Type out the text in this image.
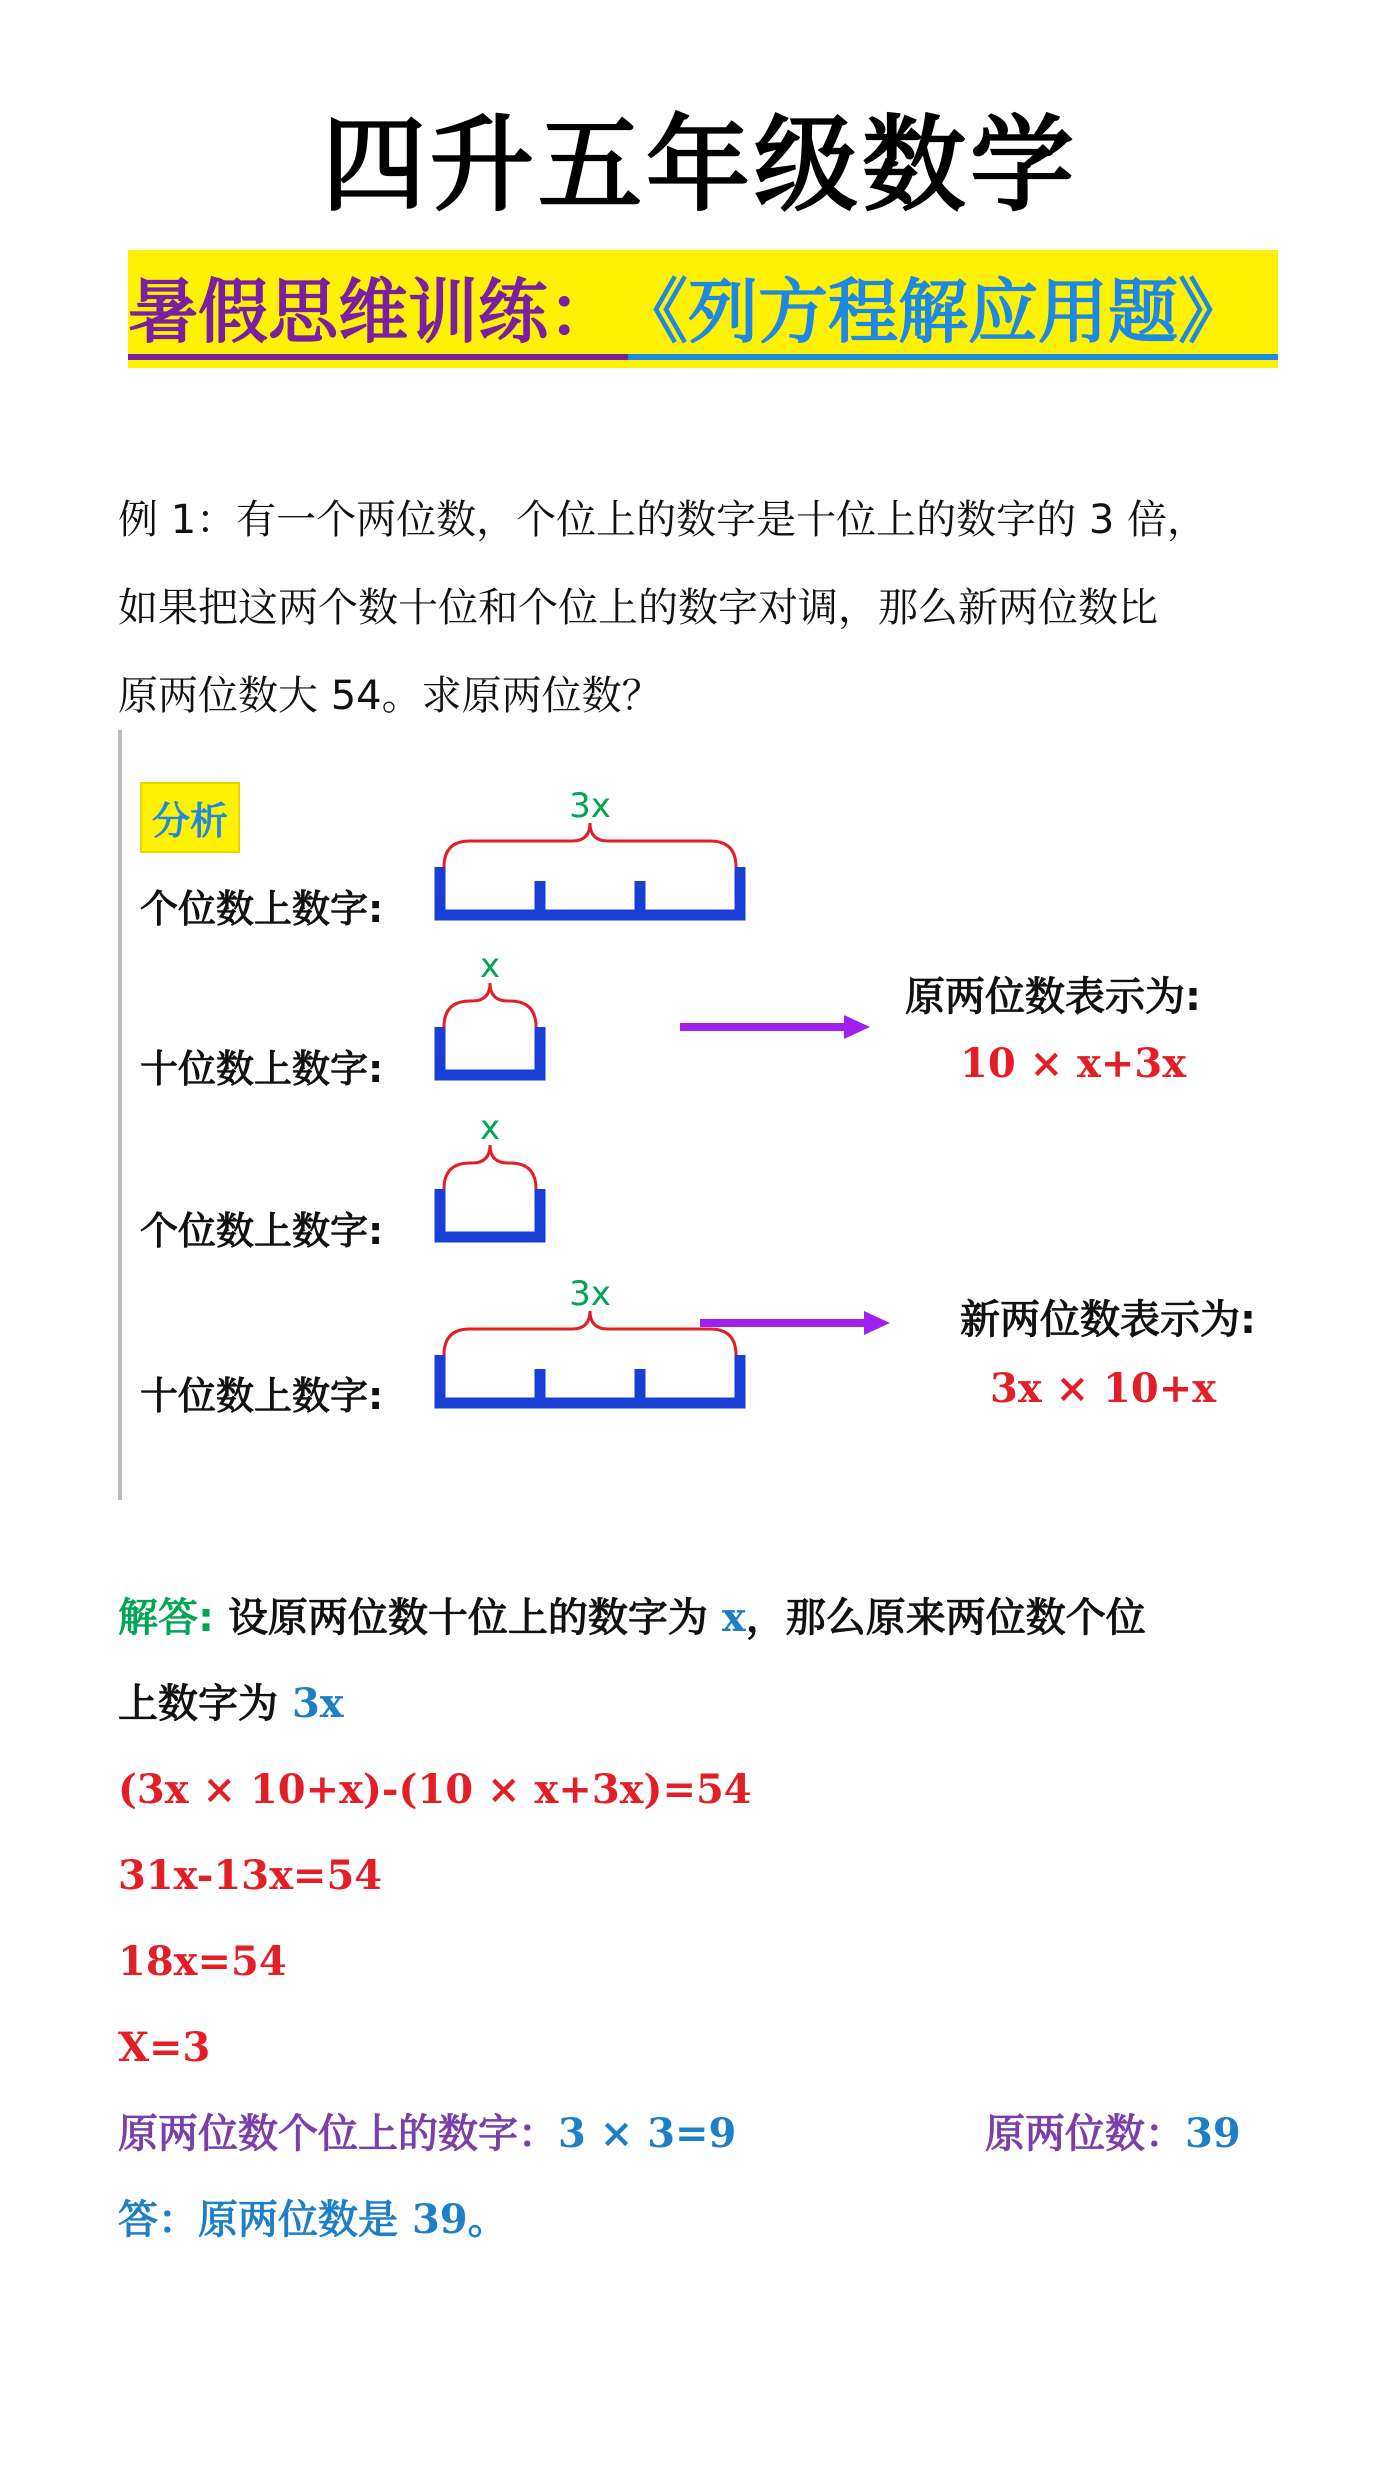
四升五年级数学
暑假思维训练： 《列方程解应用题》
例 1：有一个两位数，个位上的数字是十位上的数字的 3 倍，
如果把这两个数十位和个位上的数字对调，那么新两位数比
原两位数大 54。求原两位数？
分析
个位数上数字:
十位数上数字:
个位数上数字:
十位数上数字:
3x
x
x
3x
原两位数表示为:
10 × x+3x
新两位数表示为:
3x × 10+x
解答: 设原两位数十位上的数字为 x，那么原来两位数个位
上数字为 3x
(3x × 10+x)-(10 × x+3x)=54
31x-13x=54
18x=54
X=3
原两位数个位上的数字：3 × 3=9	原两位数：39
答：原两位数是 39。
